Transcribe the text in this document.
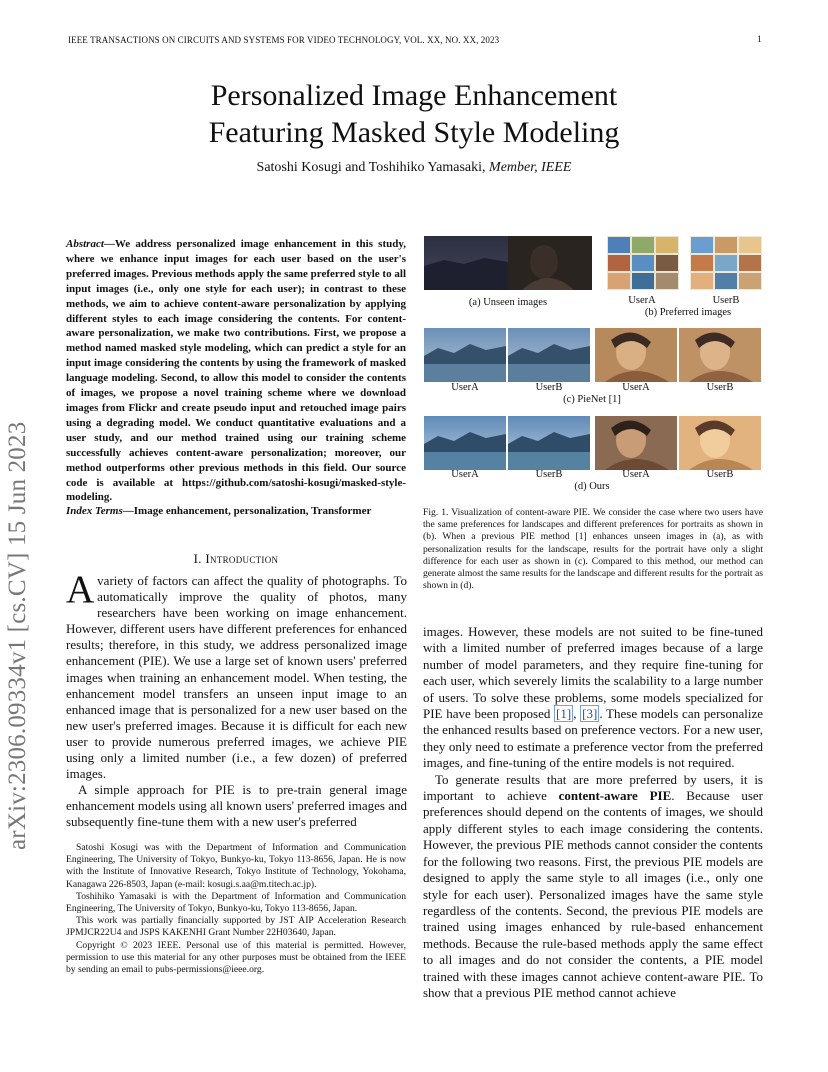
IEEE TRANSACTIONS ON CIRCUITS AND SYSTEMS FOR VIDEO TECHNOLOGY, VOL. XX, NO. XX, 2023	1
Personalized Image Enhancement
Featuring Masked Style Modeling
Satoshi Kosugi and Toshihiko Yamasaki, Member, IEEE
arXiv:2306.09334v1 [cs.CV] 15 Jun 2023
Abstract—We address personalized image enhancement in this study, where we enhance input images for each user based on the user's preferred images. Previous methods apply the same preferred style to all input images (i.e., only one style for each user); in contrast to these methods, we aim to achieve content-aware personalization by applying different styles to each image considering the contents. For content-aware personalization, we make two contributions. First, we propose a method named masked style modeling, which can predict a style for an input image considering the contents by using the framework of masked language modeling. Second, to allow this model to consider the contents of images, we propose a novel training scheme where we download images from Flickr and create pseudo input and retouched image pairs using a degrading model. We conduct quantitative evaluations and a user study, and our method trained using our training scheme successfully achieves content-aware personalization; moreover, our method outperforms other previous methods in this field. Our source code is available at https://github.com/satoshi-kosugi/masked-style-modeling.
Index Terms—Image enhancement, personalization, Transformer
I. Introduction

A variety of factors can affect the quality of photographs. To automatically improve the quality of photos, many researchers have been working on image enhancement. However, different users have different preferences for enhanced results; therefore, in this study, we address personalized image enhancement (PIE). We use a large set of known users' preferred images when training an enhancement model. When testing, the enhancement model transfers an unseen input image to an enhanced image that is personalized for a new user based on the new user's preferred images. Because it is difficult for each new user to provide numerous preferred images, we achieve PIE using only a limited number (i.e., a few dozen) of preferred images.

A simple approach for PIE is to pre-train general image enhancement models using all known users' preferred images and subsequently fine-tune them with a new user's preferred

Satoshi Kosugi was with the Department of Information and Communication Engineering, The University of Tokyo, Bunkyo-ku, Tokyo 113-8656, Japan. He is now with the Institute of Innovative Research, Tokyo Institute of Technology, Yokohama, Kanagawa 226-8503, Japan (e-mail: kosugi.s.aa@m.titech.ac.jp).

Toshihiko Yamasaki is with the Department of Information and Communication Engineering, The University of Tokyo, Bunkyo-ku, Tokyo 113-8656, Japan.

This work was partially financially supported by JST AIP Acceleration Research JPMJCR22U4 and JSPS KAKENHI Grant Number 22H03640, Japan.

Copyright © 2023 IEEE. Personal use of this material is permitted. However, permission to use this material for any other purposes must be obtained from the IEEE by sending an email to pubs-permissions@ieee.org.

(a) Unseen images	UserA	UserB
(b) Preferred images
UserA	UserB	UserA	UserB
(c) PieNet [1]
UserA	UserB	UserA	UserB
(d) Ours
Fig. 1. Visualization of content-aware PIE. We consider the case where two users have the same preferences for landscapes and different preferences for portraits as shown in (b). When a previous PIE method [1] enhances unseen images in (a), as with personalization results for the landscape, results for the portrait have only a slight difference for each user as shown in (c). Compared to this method, our method can generate almost the same results for the landscape and different results for the portrait as shown in (d).

images. However, these models are not suited to be fine-tuned with a limited number of preferred images because of a large number of model parameters, and they require fine-tuning for each user, which severely limits the scalability to a large number of users. To solve these problems, some models specialized for PIE have been proposed [1] , [3] . These models can personalize the enhanced results based on preference vectors. For a new user, they only need to estimate a preference vector from the preferred images, and fine-tuning of the entire models is not required.

To generate results that are more preferred by users, it is important to achieve content-aware PIE. Because user preferences should depend on the contents of images, we should apply different styles to each image considering the contents. However, the previous PIE methods cannot consider the contents for the following two reasons. First, the previous PIE models are designed to apply the same style to all images (i.e., only one style for each user). Personalized images have the same style regardless of the contents. Second, the previous PIE models are trained using images enhanced by rule-based enhancement methods. Because the rule-based methods apply the same effect to all images and do not consider the contents, a PIE model trained with these images cannot achieve content-aware PIE. To show that a previous PIE method cannot achieve
